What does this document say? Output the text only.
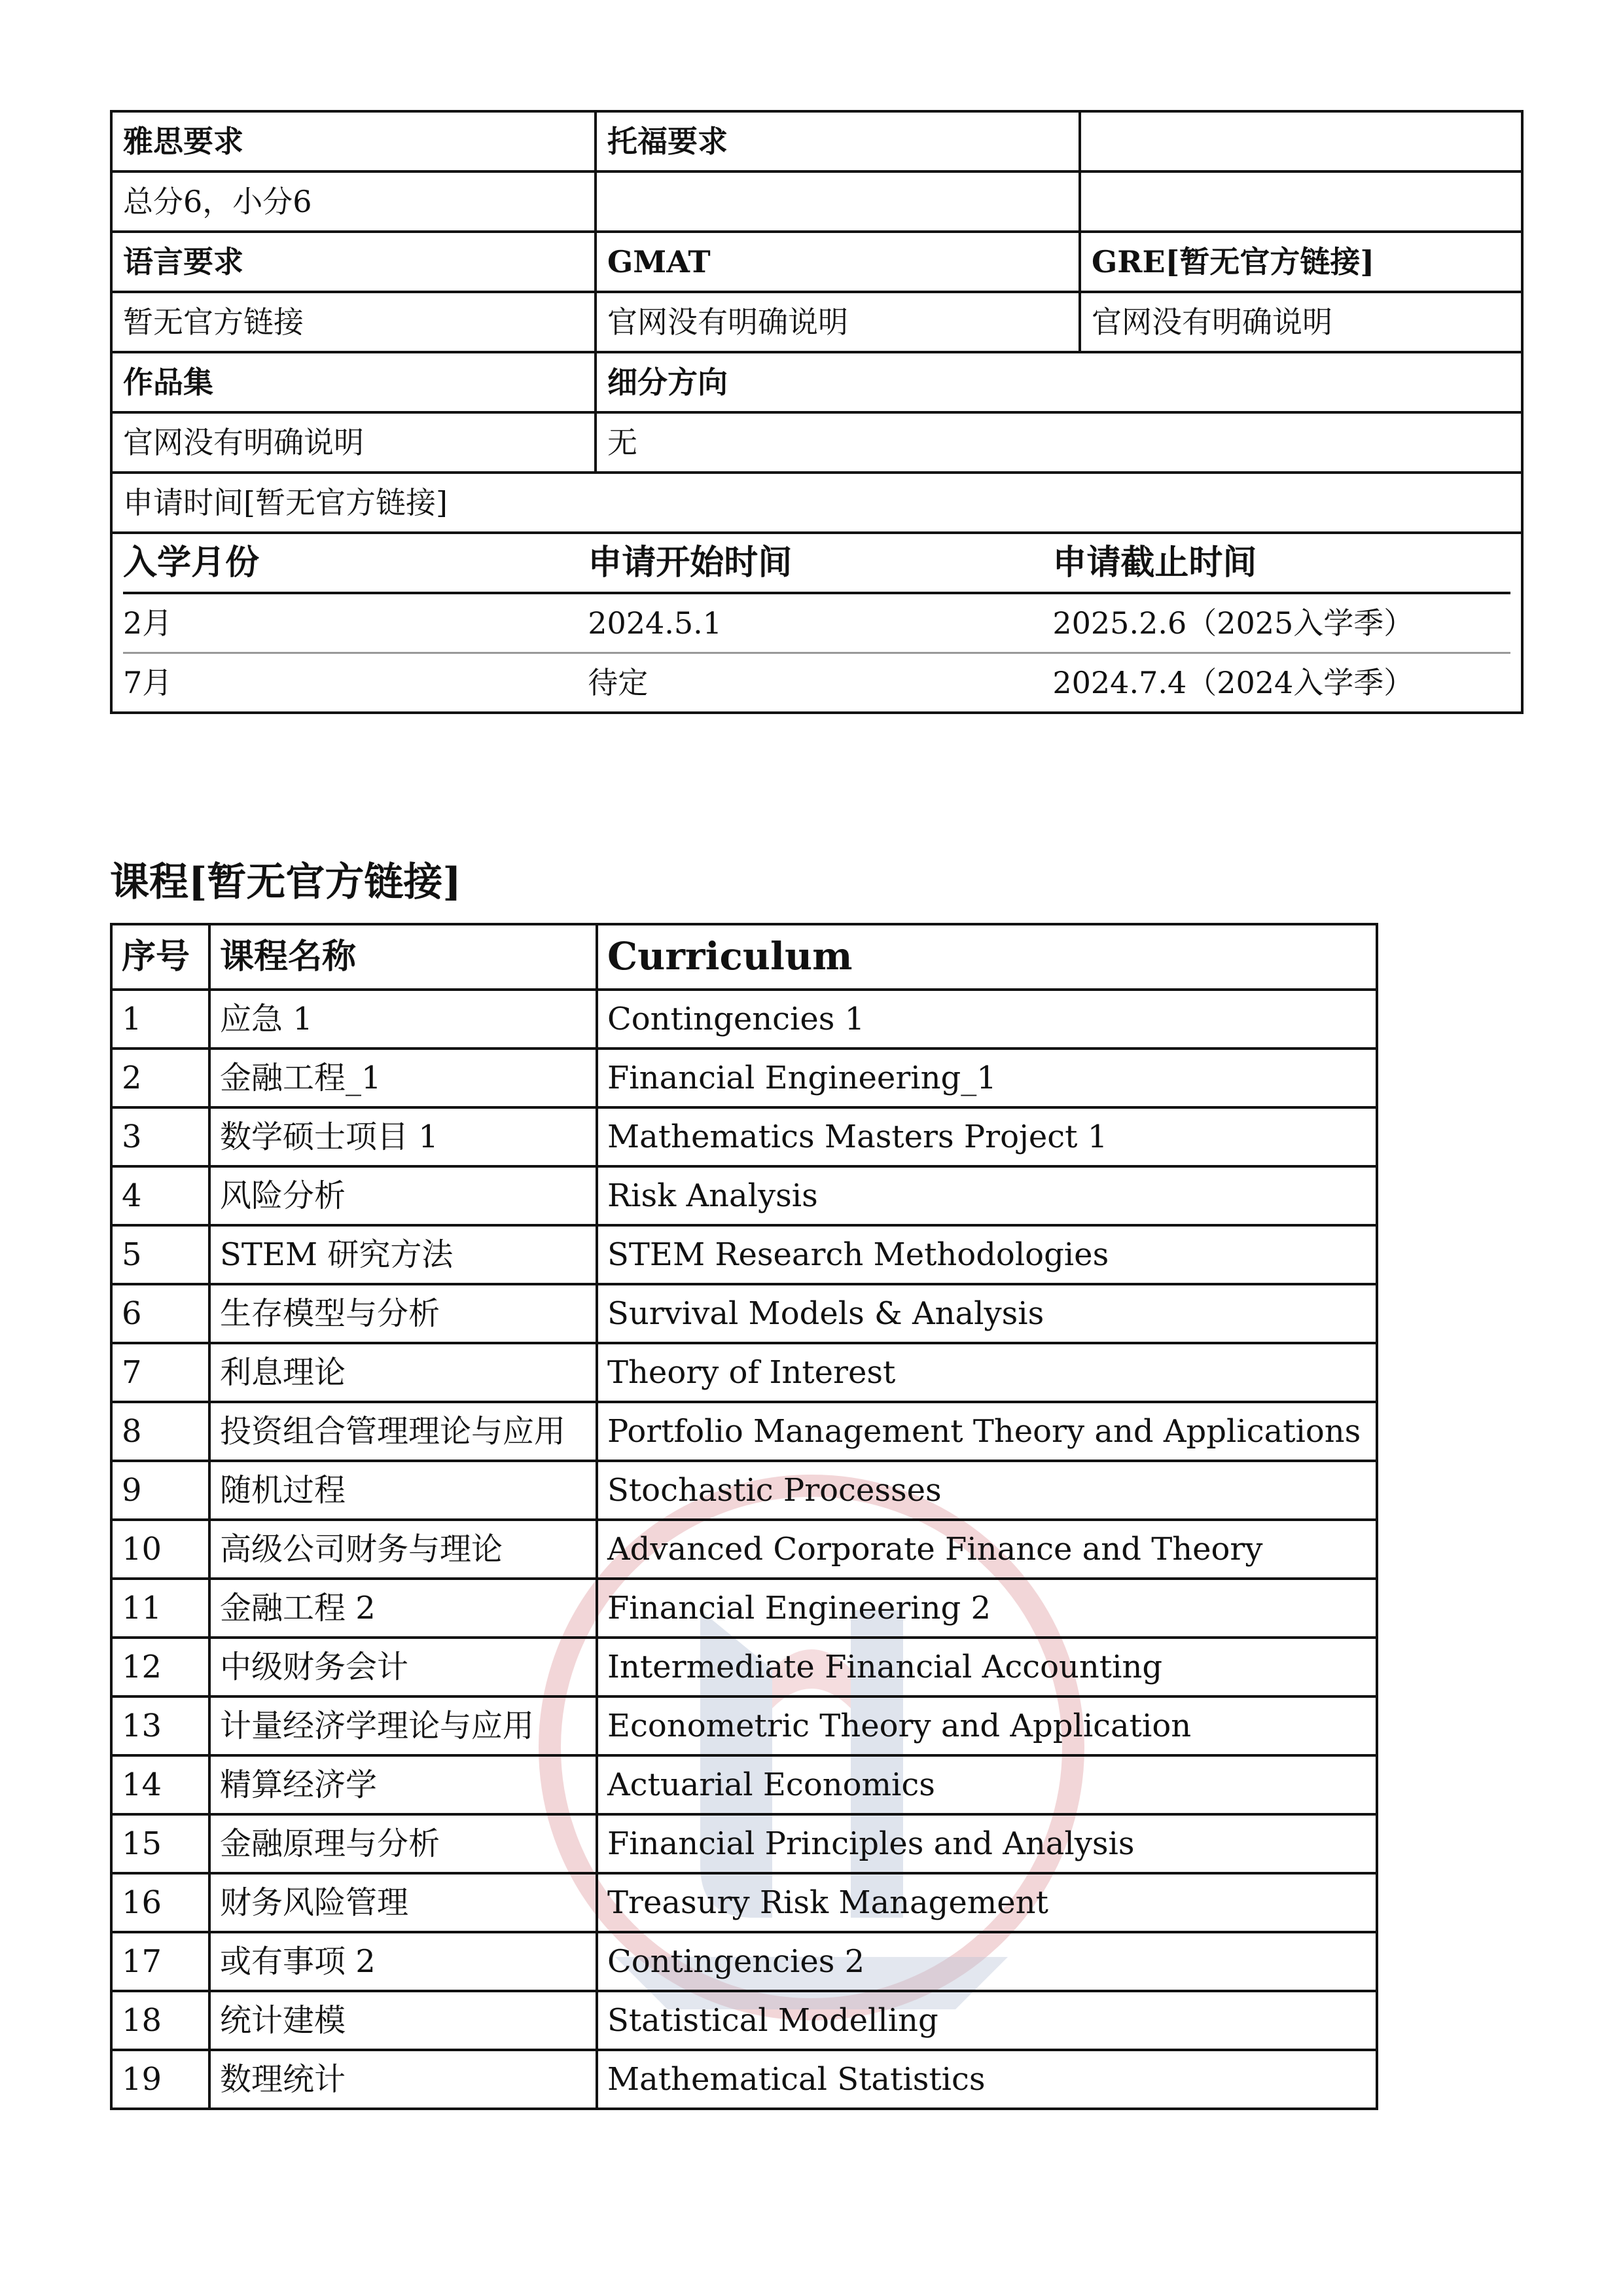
雅思要求	托福要求	
总分6，小分6		
语言要求	GMAT	GRE[暂无官方链接]
暂无官方链接	官网没有明确说明	官网没有明确说明
作品集	细分方向
官网没有明确说明	无
申请时间[暂无官方链接]

入学月份	申请开始时间	申请截止时间
2月	2024.5.1	2025.2.6（2025入学季）
7月	待定	2024.7.4（2024入学季）
课程[暂无官方链接]
序号	课程名称	Curriculum
1	应急 1	Contingencies 1
2	金融工程_1	Financial Engineering_1
3	数学硕士项目 1	Mathematics Masters Project 1
4	风险分析	Risk Analysis
5	STEM 研究方法	STEM Research Methodologies
6	生存模型与分析	Survival Models & Analysis
7	利息理论	Theory of Interest
8	投资组合管理理论与应用	Portfolio Management Theory and Applications
9	随机过程	Stochastic Processes
10	高级公司财务与理论	Advanced Corporate Finance and Theory
11	金融工程 2	Financial Engineering 2
12	中级财务会计	Intermediate Financial Accounting
13	计量经济学理论与应用	Econometric Theory and Application
14	精算经济学	Actuarial Economics
15	金融原理与分析	Financial Principles and Analysis
16	财务风险管理	Treasury Risk Management
17	或有事项 2	Contingencies 2
18	统计建模	Statistical Modelling
19	数理统计	Mathematical Statistics
